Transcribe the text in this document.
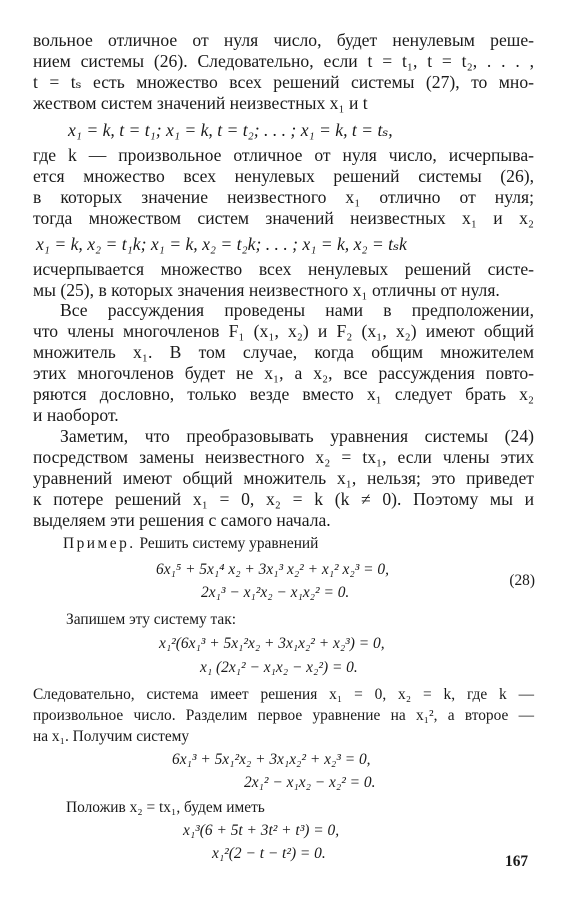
вольное отличное от нуля число, будет ненулевым реше-
нием системы (26). Следовательно, если t = t₁, t = t₂, . . . ,
t = tₛ есть множество всех решений системы (27), то мно-
жеством систем значений неизвестных x₁ и t
x₁ = k, t = t₁; x₁ = k, t = t₂; . . . ; x₁ = k, t = tₛ,
где k — произвольное отличное от нуля число, исчерпыва-
ется множество всех ненулевых решений системы (26),
в которых значение неизвестного x₁ отлично от нуля;
тогда множеством систем значений неизвестных x₁ и x₂
x₁ = k, x₂ = t₁k; x₁ = k, x₂ = t₂k; . . . ; x₁ = k, x₂ = tₛk
исчерпывается множество всех ненулевых решений систе-
мы (25), в которых значения неизвестного x₁ отличны от нуля.
Все рассуждения проведены нами в предположении,
что члены многочленов F₁ (x₁, x₂) и F₂ (x₁, x₂) имеют общий
множитель x₁. В том случае, когда общим множителем
этих многочленов будет не x₁, а x₂, все рассуждения повто-
ряются дословно, только везде вместо x₁ следует брать x₂
и наоборот.
Заметим, что преобразовывать уравнения системы (24)
посредством замены неизвестного x₂ = tx₁, если члены этих
уравнений имеют общий множитель x₁, нельзя; это приведет
к потере решений x₁ = 0, x₂ = k (k ≠ 0). Поэтому мы и
выделяем эти решения с самого начала.
Пример. Решить систему уравнений
6x₁⁵ + 5x₁⁴ x₂ + 3x₁³ x₂² + x₁² x₂³ = 0,
2x₁³ − x₁²x₂ − x₁x₂² = 0.
(28)
Запишем эту систему так:
x₁²(6x₁³ + 5x₁²x₂ + 3x₁x₂² + x₂³) = 0,
x₁ (2x₁² − x₁x₂ − x₂²) = 0.
Следовательно, система имеет решения x₁ = 0, x₂ = k, где k —
произвольное число. Разделим первое уравнение на x₁², а второе —
на x₁. Получим систему
6x₁³ + 5x₁²x₂ + 3x₁x₂² + x₂³ = 0,
2x₁² − x₁x₂ − x₂² = 0.
Положив x₂ = tx₁, будем иметь
x₁³(6 + 5t + 3t² + t³) = 0,
x₁²(2 − t − t²) = 0.	167
